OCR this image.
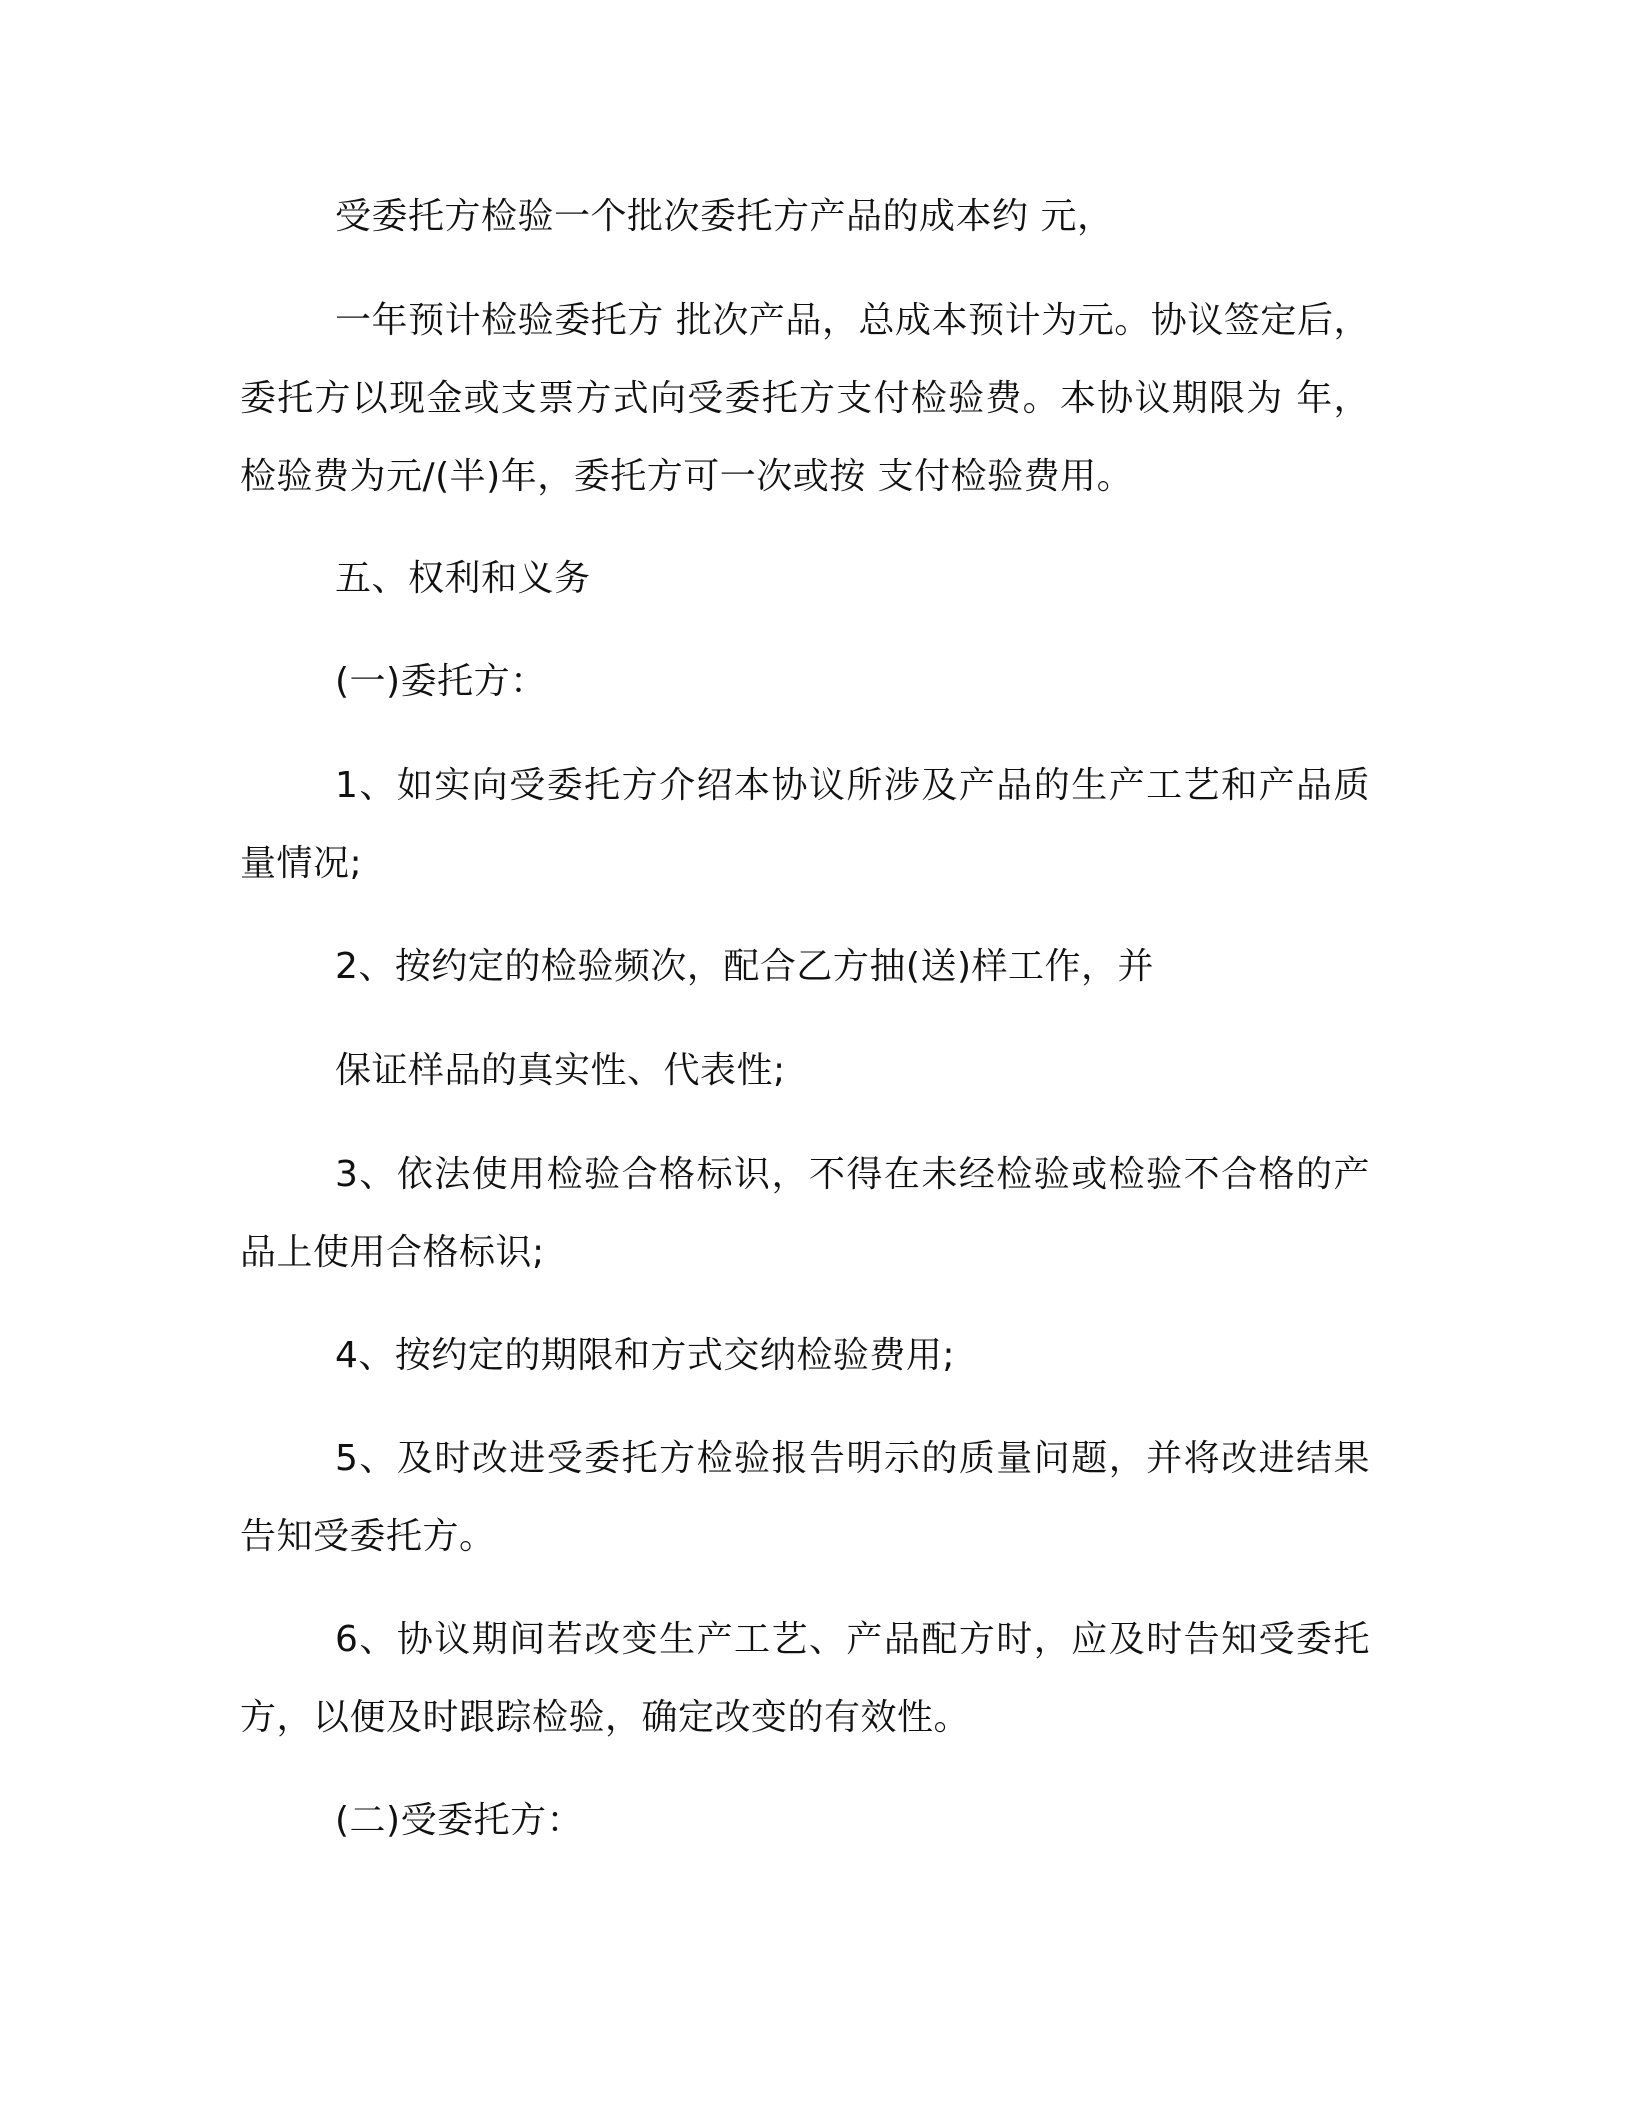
受委托方检验一个批次委托方产品的成本约 元，

一年预计检验委托方 批次产品，总成本预计为元。协议签定后，委托方以现金或支票方式向受委托方支付检验费。本协议期限为 年，检验费为元/(半)年，委托方可一次或按 支付检验费用。

五、权利和义务

(一)委托方：

1、如实向受委托方介绍本协议所涉及产品的生产工艺和产品质量情况;

2、按约定的检验频次，配合乙方抽(送)样工作，并

保证样品的真实性、代表性;

3、依法使用检验合格标识，不得在未经检验或检验不合格的产品上使用合格标识;

4、按约定的期限和方式交纳检验费用;

5、及时改进受委托方检验报告明示的质量问题，并将改进结果告知受委托方。

6、协议期间若改变生产工艺、产品配方时，应及时告知受委托方，以便及时跟踪检验，确定改变的有效性。

(二)受委托方：
